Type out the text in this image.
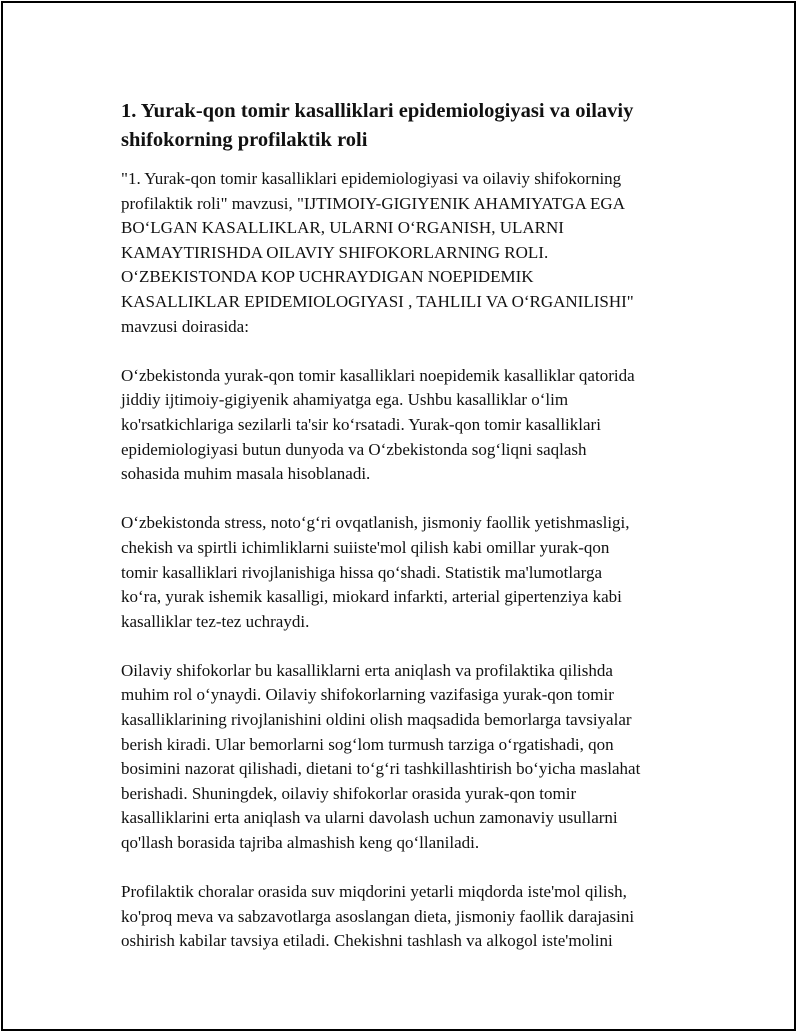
1. Yurak-qon tomir kasalliklari epidemiologiyasi va oilaviy
shifokorning profilaktik roli

"1. Yurak-qon tomir kasalliklari epidemiologiyasi va oilaviy shifokorning
profilaktik roli" mavzusi, "IJTIMOIY-GIGIYENIK AHAMIYATGA EGA
BO‘LGAN KASALLIKLAR, ULARNI O‘RGANISH, ULARNI
KAMAYTIRISHDA OILAVIY SHIFOKORLARNING ROLI.
O‘ZBEKISTONDA KOP UCHRAYDIGAN NOEPIDEMIK
KASALLIKLAR EPIDEMIOLOGIYASI , TAHLILI VA O‘RGANILISHI"
mavzusi doirasida:

O‘zbekistonda yurak-qon tomir kasalliklari noepidemik kasalliklar qatorida
jiddiy ijtimoiy-gigiyenik ahamiyatga ega. Ushbu kasalliklar o‘lim
ko'rsatkichlariga sezilarli ta'sir ko‘rsatadi. Yurak-qon tomir kasalliklari
epidemiologiyasi butun dunyoda va O‘zbekistonda sog‘liqni saqlash
sohasida muhim masala hisoblanadi.

O‘zbekistonda stress, noto‘g‘ri ovqatlanish, jismoniy faollik yetishmasligi,
chekish va spirtli ichimliklarni suiiste'mol qilish kabi omillar yurak-qon
tomir kasalliklari rivojlanishiga hissa qo‘shadi. Statistik ma'lumotlarga
ko‘ra, yurak ishemik kasalligi, miokard infarkti, arterial gipertenziya kabi
kasalliklar tez-tez uchraydi.

Oilaviy shifokorlar bu kasalliklarni erta aniqlash va profilaktika qilishda
muhim rol o‘ynaydi. Oilaviy shifokorlarning vazifasiga yurak-qon tomir
kasalliklarining rivojlanishini oldini olish maqsadida bemorlarga tavsiyalar
berish kiradi. Ular bemorlarni sog‘lom turmush tarziga o‘rgatishadi, qon
bosimini nazorat qilishadi, dietani to‘g‘ri tashkillashtirish bo‘yicha maslahat
berishadi. Shuningdek, oilaviy shifokorlar orasida yurak-qon tomir
kasalliklarini erta aniqlash va ularni davolash uchun zamonaviy usullarni
qo'llash borasida tajriba almashish keng qo‘llaniladi.

Profilaktik choralar orasida suv miqdorini yetarli miqdorda iste'mol qilish,
ko'proq meva va sabzavotlarga asoslangan dieta, jismoniy faollik darajasini
oshirish kabilar tavsiya etiladi. Chekishni tashlash va alkogol iste'molini
